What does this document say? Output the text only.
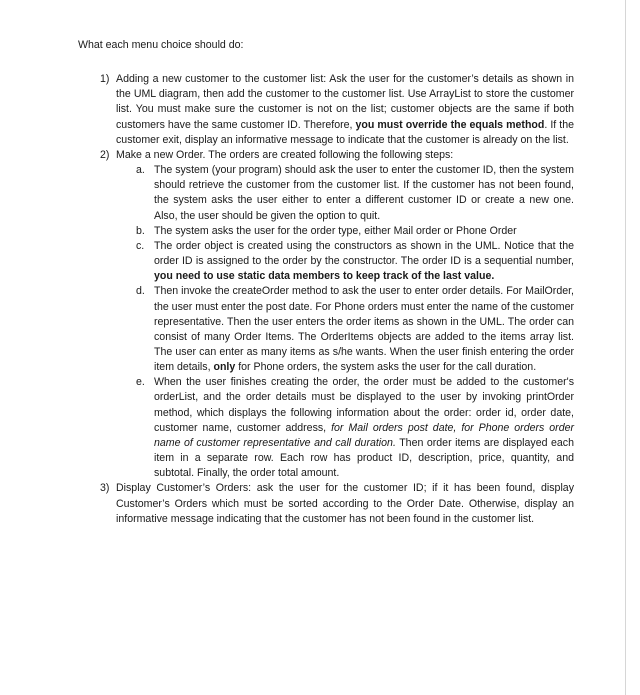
What each menu choice should do:

1) Adding a new customer to the customer list: Ask the user for the customer’s details as shown in the UML diagram, then add the customer to the customer list. Use ArrayList to store the customer list. You must make sure the customer is not on the list; customer objects are the same if both customers have the same customer ID. Therefore, you must override the equals method. If the customer exit, display an informative message to indicate that the customer is already on the list.
2) Make a new Order. The orders are created following the following steps:
a. The system (your program) should ask the user to enter the customer ID, then the system should retrieve the customer from the customer list. If the customer has not been found, the system asks the user either to enter a different customer ID or create a new one. Also, the user should be given the option to quit.
b. The system asks the user for the order type, either Mail order or Phone Order
c. The order object is created using the constructors as shown in the UML. Notice that the order ID is assigned to the order by the constructor. The order ID is a sequential number, you need to use static data members to keep track of the last value.
d. Then invoke the createOrder method to ask the user to enter order details. For MailOrder, the user must enter the post date. For Phone orders must enter the name of the customer representative. Then the user enters the order items as shown in the UML. The order can consist of many Order Items. The OrderItems objects are added to the items array list. The user can enter as many items as s/he wants. When the user finish entering the order item details, only for Phone orders, the system asks the user for the call duration.
e. When the user finishes creating the order, the order must be added to the customer's orderList, and the order details must be displayed to the user by invoking printOrder method, which displays the following information about the order: order id, order date, customer name, customer address, for Mail orders post date, for Phone orders order name of customer representative and call duration. Then order items are displayed each item in a separate row. Each row has product ID, description, price, quantity, and subtotal. Finally, the order total amount.
3) Display Customer’s Orders: ask the user for the customer ID; if it has been found, display Customer’s Orders which must be sorted according to the Order Date. Otherwise, display an informative message indicating that the customer has not been found in the customer list.
